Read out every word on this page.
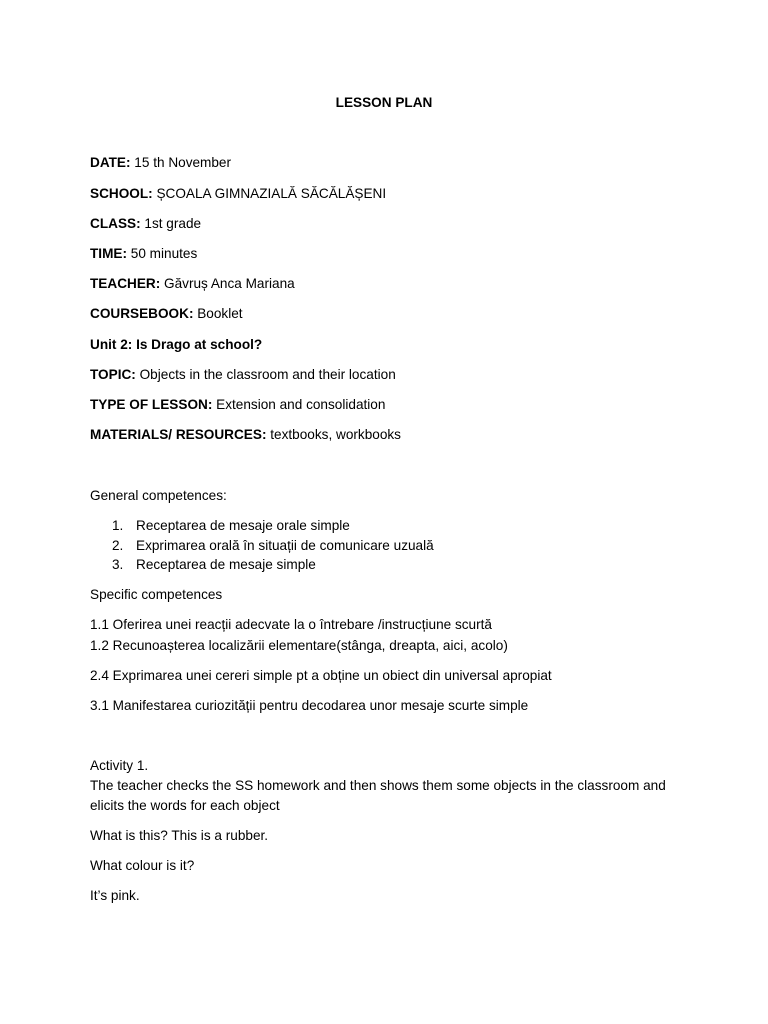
LESSON PLAN
DATE: 15 th November
SCHOOL: ȘCOALA GIMNAZIALĂ SĂCĂLĂȘENI
CLASS: 1st grade
TIME: 50 minutes
TEACHER: Găvruș Anca Mariana
COURSEBOOK: Booklet
Unit 2: Is Drago at school?
TOPIC: Objects in the classroom and their location
TYPE OF LESSON: Extension and consolidation
MATERIALS/ RESOURCES: textbooks, workbooks
General competences:
1. Receptarea de mesaje orale simple
2. Exprimarea orală în situații de comunicare uzuală
3. Receptarea de mesaje simple
Specific competences
1.1 Oferirea unei reacții adecvate la o întrebare /instrucțiune scurtă
1.2 Recunoașterea localizării elementare(stânga, dreapta, aici, acolo)
2.4 Exprimarea unei cereri simple pt a obține un obiect din universal apropiat
3.1 Manifestarea curiozității pentru decodarea unor mesaje scurte simple
Activity 1.
The teacher checks the SS homework and then shows them some objects in the classroom and elicits the words for each object
What is this? This is a rubber.
What colour is it?
It’s pink.
